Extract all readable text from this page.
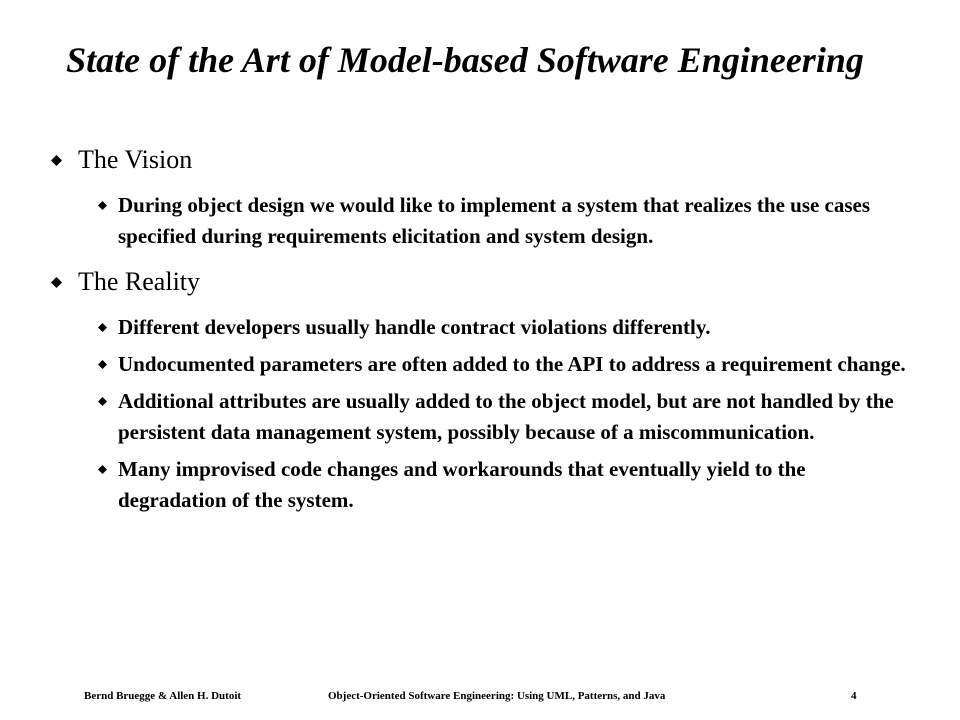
State of the Art of Model-based Software Engineering
The Vision
During object design we would like to implement a system that realizes the use cases specified during requirements elicitation and system design.
The Reality
Different developers usually handle contract violations differently.
Undocumented parameters are often added to the API to address a requirement change.
Additional attributes are usually added to the object model, but are not handled by the persistent data management system, possibly because of a miscommunication.
Many improvised code changes and workarounds that eventually yield to the degradation of the system.
Bernd Bruegge & Allen H. Dutoit	Object-Oriented Software Engineering: Using UML, Patterns, and Java	4
